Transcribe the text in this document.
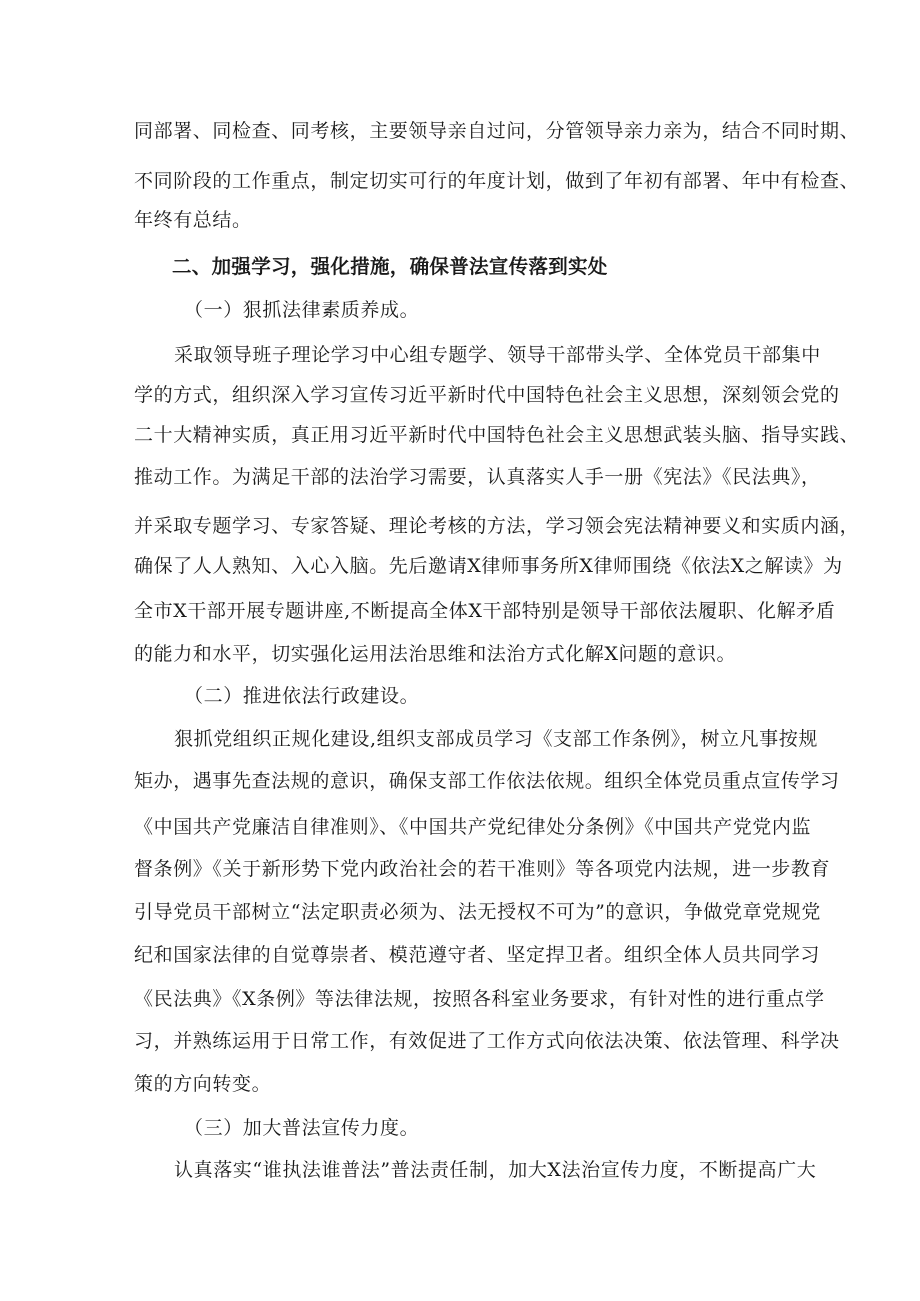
同部署、同检查、同考核，主要领导亲自过问，分管领导亲力亲为，结合不同时期、
不同阶段的工作重点，制定切实可行的年度计划，做到了年初有部署、年中有检查、
年终有总结。
二、加强学习，强化措施，确保普法宣传落到实处
（一）狠抓法律素质养成。
采取领导班子理论学习中心组专题学、领导干部带头学、全体党员干部集中
学的方式，组织深入学习宣传习近平新时代中国特色社会主义思想，深刻领会党的
二十大精神实质，真正用习近平新时代中国特色社会主义思想武装头脑、指导实践、
推动工作。为满足干部的法治学习需要，认真落实人手一册《宪法》《民法典》，
并采取专题学习、专家答疑、理论考核的方法，学习领会宪法精神要义和实质内涵，
确保了人人熟知、入心入脑。先后邀请X律师事务所X律师围绕《依法X之解读》为
全市X干部开展专题讲座,不断提高全体X干部特别是领导干部依法履职、化解矛盾
的能力和水平，切实强化运用法治思维和法治方式化解X问题的意识。
（二）推进依法行政建设。
狠抓党组织正规化建设,组织支部成员学习《支部工作条例》，树立凡事按规
矩办，遇事先查法规的意识，确保支部工作依法依规。组织全体党员重点宣传学习
《中国共产党廉洁自律准则》、《中国共产党纪律处分条例》《中国共产党党内监
督条例》《关于新形势下党内政治社会的若干准则》等各项党内法规，进一步教育
引导党员干部树立“法定职责必须为、法无授权不可为”的意识，争做党章党规党
纪和国家法律的自觉尊崇者、模范遵守者、坚定捍卫者。组织全体人员共同学习
《民法典》《X条例》等法律法规，按照各科室业务要求，有针对性的进行重点学
习，并熟练运用于日常工作，有效促进了工作方式向依法决策、依法管理、科学决
策的方向转变。
（三）加大普法宣传力度。
认真落实“谁执法谁普法”普法责任制，加大X法治宣传力度，不断提高广大
